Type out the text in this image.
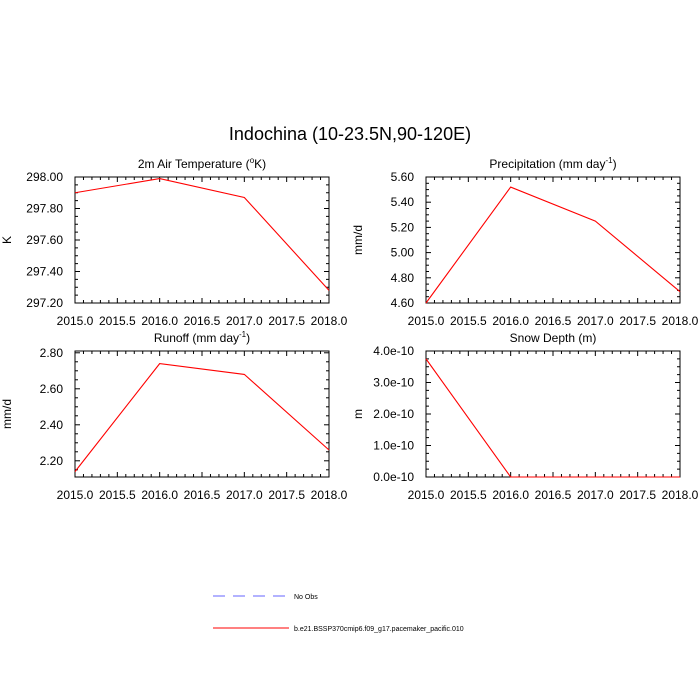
Indochina (10-23.5N,90-120E)
2m Air Temperature ($^o$K)
K
2015.0 2015.5 2016.0 2016.5 2017.0 2017.5 2018.0
297.20
297.40
297.60
297.80
298.00
Precipitation (mm day$^{-1}$)
mm/d
2015.0 2015.5 2016.0 2016.5 2017.0 2017.5 2018.0
4.60
4.80
5.00
5.20
5.40
5.60
Runoff (mm day$^{-1}$)
mm/d
2015.0 2015.5 2016.0 2016.5 2017.0 2017.5 2018.0
2.20
2.40
2.60
2.80
Snow Depth (m)
m
2015.0 2015.5 2016.0 2016.5 2017.0 2017.5 2018.0
0.0e-10
1.0e-10
2.0e-10
3.0e-10
4.0e-10
No Obs
b.e21.BSSP370cmip6.f09_g17.pacemaker_pacific.010
